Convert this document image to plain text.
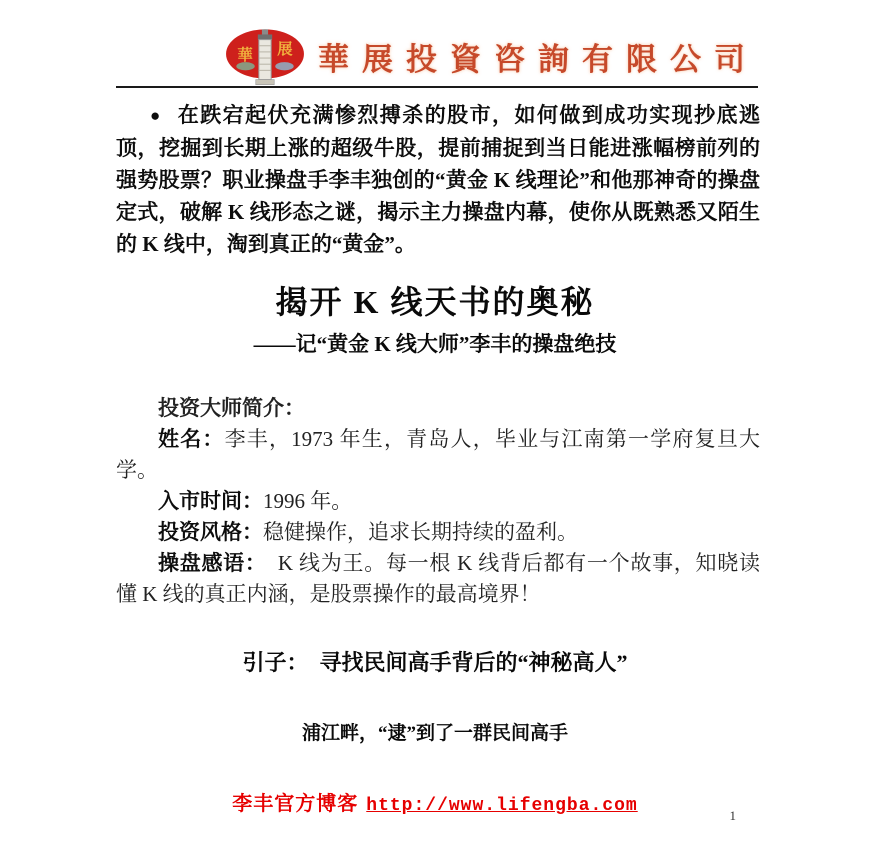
華 展 華展投資咨詢有限公司

● 在跌宕起伏充满惨烈搏杀的股市，如何做到成功实现抄底逃顶，挖掘到长期上涨的超级牛股，提前捕捉到当日能进涨幅榜前列的强势股票？职业操盘手李丰独创的“黄金 K 线理论”和他那神奇的操盘定式，破解 K 线形态之谜，揭示主力操盘内幕，使你从既熟悉又陌生的 K 线中，淘到真正的“黄金”。

揭开 K 线天书的奥秘
——记“黄金 K 线大师”李丰的操盘绝技

投资大师简介：

姓名：李丰，1973 年生，青岛人，毕业与江南第一学府复旦大学。

入市时间：1996 年。

投资风格：稳健操作，追求长期持续的盈利。

操盘感语：　K 线为王。每一根 K 线背后都有一个故事，知晓读懂 K 线的真正内涵，是股票操作的最高境界！

引子：　寻找民间高手背后的“神秘高人”
浦江畔，“逮”到了一群民间高手
李丰官方博客 http://www.lifengba.com	1
